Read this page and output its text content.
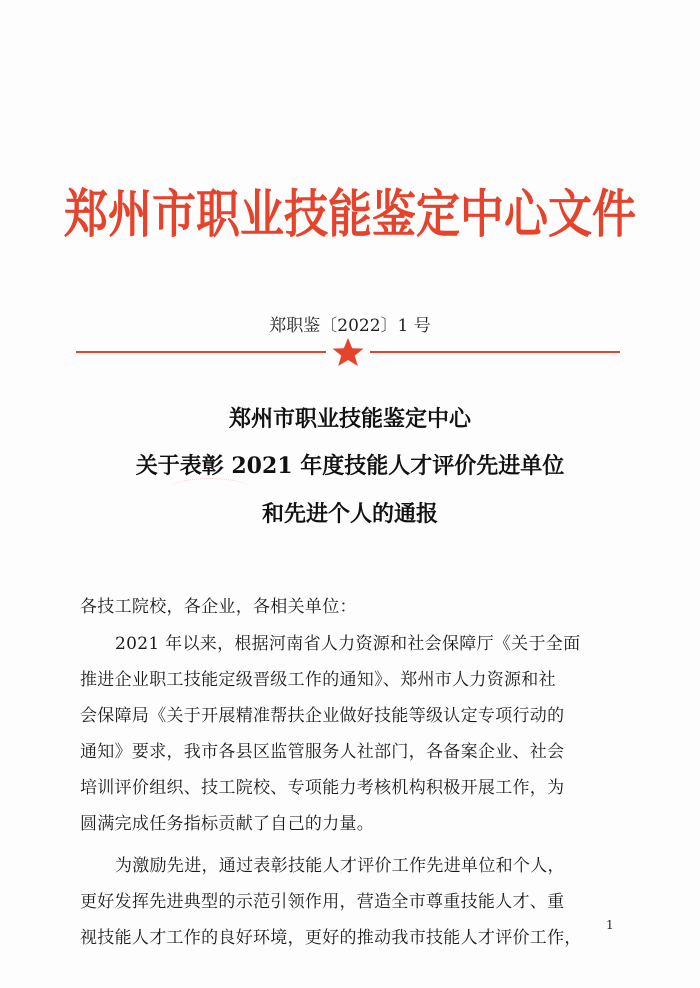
郑州市职业技能鉴定中心文件
郑职鉴〔2022〕1 号
郑州市职业技能鉴定中心
关于表彰 2021 年度技能人才评价先进单位
和先进个人的通报
各技工院校，各企业，各相关单位：
2021 年以来，根据河南省人力资源和社会保障厅《关于全面
推进企业职工技能定级晋级工作的通知》、郑州市人力资源和社
会保障局《关于开展精准帮扶企业做好技能等级认定专项行动的
通知》要求，我市各县区监管服务人社部门，各备案企业、社会
培训评价组织、技工院校、专项能力考核机构积极开展工作，为
圆满完成任务指标贡献了自己的力量。
为激励先进，通过表彰技能人才评价工作先进单位和个人，
更好发挥先进典型的示范引领作用，营造全市尊重技能人才、重
视技能人才工作的良好环境，更好的推动我市技能人才评价工作，
1
